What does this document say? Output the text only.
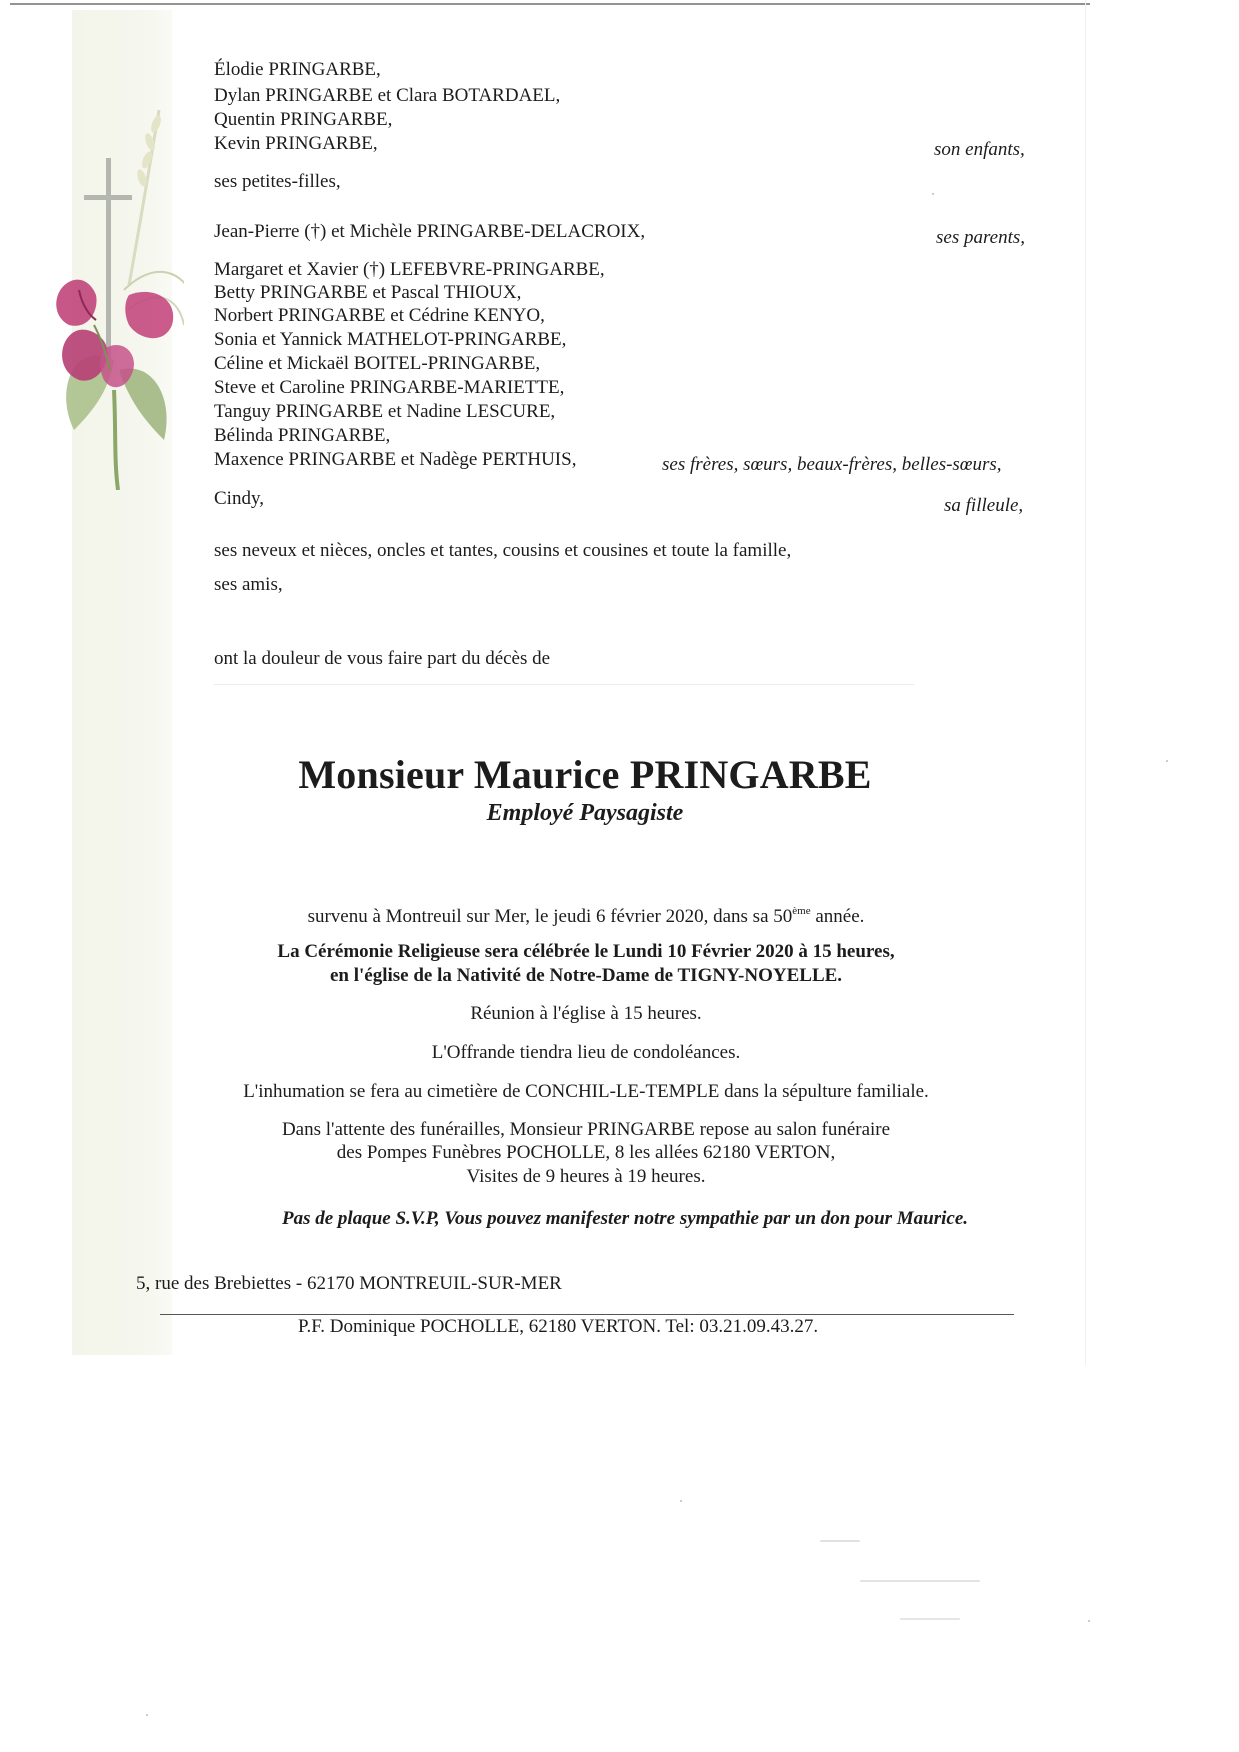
Élodie PRINGARBE,
Dylan PRINGARBE et Clara BOTARDAEL,
Quentin PRINGARBE,
Kevin PRINGARBE,	son enfants,
ses petites-filles,
Jean-Pierre (†) et Michèle PRINGARBE-DELACROIX,	ses parents,
Margaret et Xavier (†) LEFEBVRE-PRINGARBE,
Betty PRINGARBE et Pascal THIOUX,
Norbert PRINGARBE et Cédrine KENYO,
Sonia et Yannick MATHELOT-PRINGARBE,
Céline et Mickaël BOITEL-PRINGARBE,
Steve et Caroline PRINGARBE-MARIETTE,
Tanguy PRINGARBE et Nadine LESCURE,
Bélinda PRINGARBE,
Maxence PRINGARBE et Nadège PERTHUIS,	ses frères, sœurs, beaux-frères, belles-sœurs,
Cindy,	sa filleule,
ses neveux et nièces, oncles et tantes, cousins et cousines et toute la famille,
ses amis,
ont la douleur de vous faire part du décès de
Monsieur Maurice PRINGARBE
Employé Paysagiste
survenu à Montreuil sur Mer, le jeudi 6 février 2020, dans sa 50ème année.
La Cérémonie Religieuse sera célébrée le Lundi 10 Février 2020 à 15 heures,
en l'église de la Nativité de Notre-Dame de TIGNY-NOYELLE.
Réunion à l'église à 15 heures.
L'Offrande tiendra lieu de condoléances.
L'inhumation se fera au cimetière de CONCHIL-LE-TEMPLE dans la sépulture familiale.
Dans l'attente des funérailles, Monsieur PRINGARBE repose au salon funéraire
des Pompes Funèbres POCHOLLE, 8 les allées 62180 VERTON,
Visites de 9 heures à 19 heures.
Pas de plaque S.V.P, Vous pouvez manifester notre sympathie par un don pour Maurice.
5, rue des Brebiettes - 62170 MONTREUIL-SUR-MER
P.F. Dominique POCHOLLE, 62180 VERTON. Tel: 03.21.09.43.27.
